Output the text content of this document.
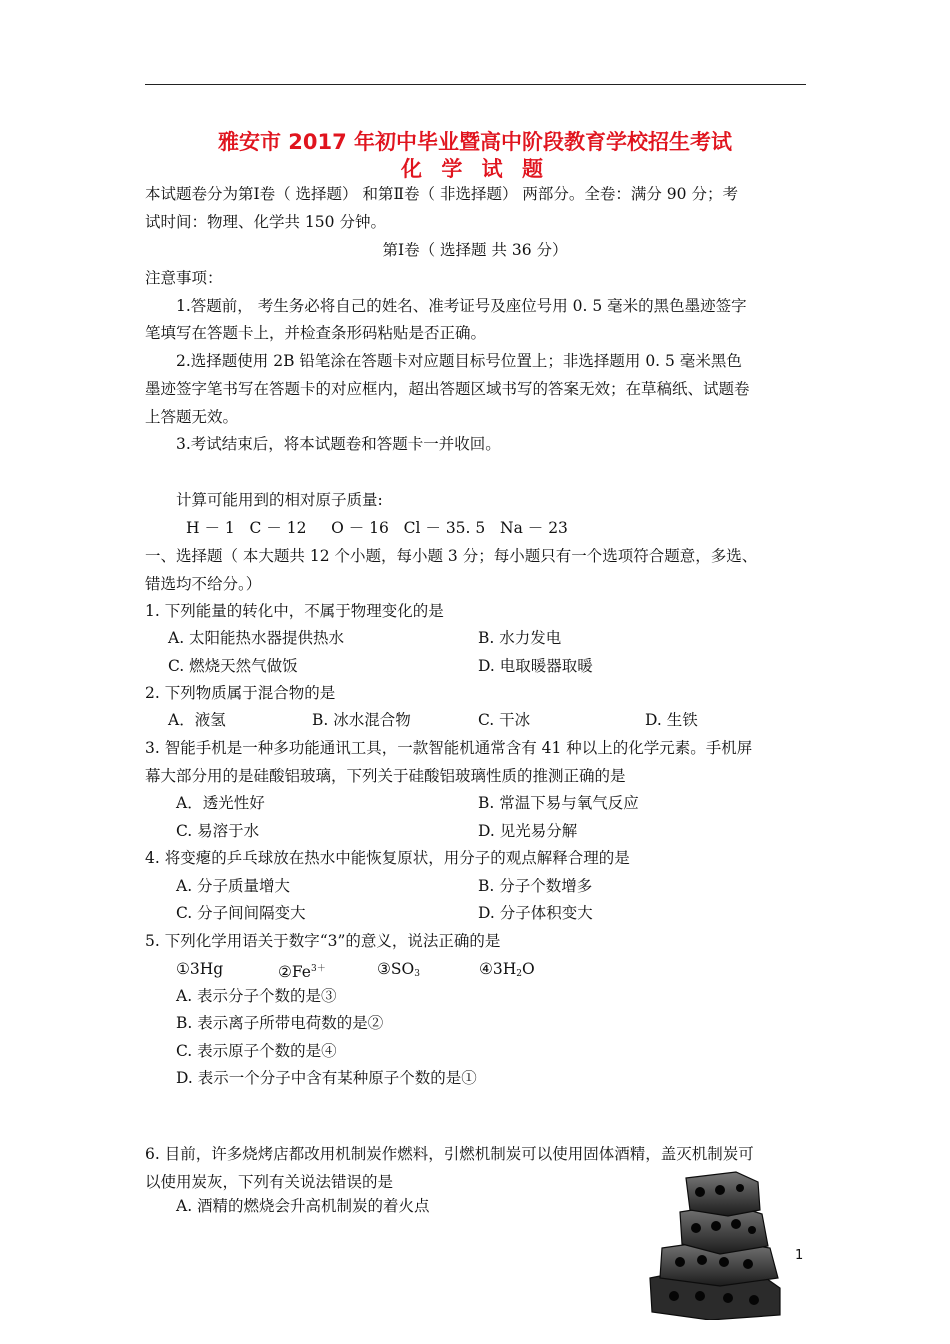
雅安市 2017 年初中毕业暨高中阶段教育学校招生考试
化 学 试 题
本试题卷分为第Ⅰ卷（ 选择题） 和第Ⅱ卷（ 非选择题） 两部分。全卷：满分 90 分；考
试时间：物理、化学共 150 分钟。
第Ⅰ卷（ 选择题 共 36 分）
注意事项：
1.答题前， 考生务必将自己的姓名、准考证号及座位号用 0. 5 毫米的黑色墨迹签字
笔填写在答题卡上，并检查条形码粘贴是否正确。
2.选择题使用 2B 铅笔涂在答题卡对应题目标号位置上；非选择题用 0. 5 毫米黑色
墨迹签字笔书写在答题卡的对应框内，超出答题区域书写的答案无效；在草稿纸、试题卷
上答题无效。
3.考试结束后，将本试题卷和答题卡一并收回。
计算可能用到的相对原子质量:
H － 1   C － 12     O － 16   Cl － 35. 5   Na － 23
一、选择题（ 本大题共 12 个小题，每小题 3 分；每小题只有一个选项符合题意，多选、
错选均不给分。）
1. 下列能量的转化中，不属于物理变化的是
A. 太阳能热水器提供热水	B. 水力发电
C. 燃烧天然气做饭	D. 电取暖器取暖
2. 下列物质属于混合物的是
A．液氢	B. 冰水混合物	C. 干冰	D. 生铁
3. 智能手机是一种多功能通讯工具，一款智能机通常含有 41 种以上的化学元素。手机屏
幕大部分用的是硅酸铝玻璃，下列关于硅酸铝玻璃性质的推测正确的是
A．透光性好	B. 常温下易与氧气反应
C. 易溶于水	D. 见光易分解
4. 将变瘪的乒乓球放在热水中能恢复原状，用分子的观点解释合理的是
A. 分子质量增大	B. 分子个数增多
C. 分子间间隔变大	D. 分子体积变大
5. 下列化学用语关于数字“3”的意义，说法正确的是
①3Hg	$②Fe^{3+}$	$③SO_3$	$④3H_2O$
A. 表示分子个数的是③
B. 表示离子所带电荷数的是②
C. 表示原子个数的是④
D. 表示一个分子中含有某种原子个数的是①
6. 目前，许多烧烤店都改用机制炭作燃料，引燃机制炭可以使用固体酒精，盖灭机制炭可
以使用炭灰，下列有关说法错误的是
A. 酒精的燃烧会升高机制炭的着火点
1
